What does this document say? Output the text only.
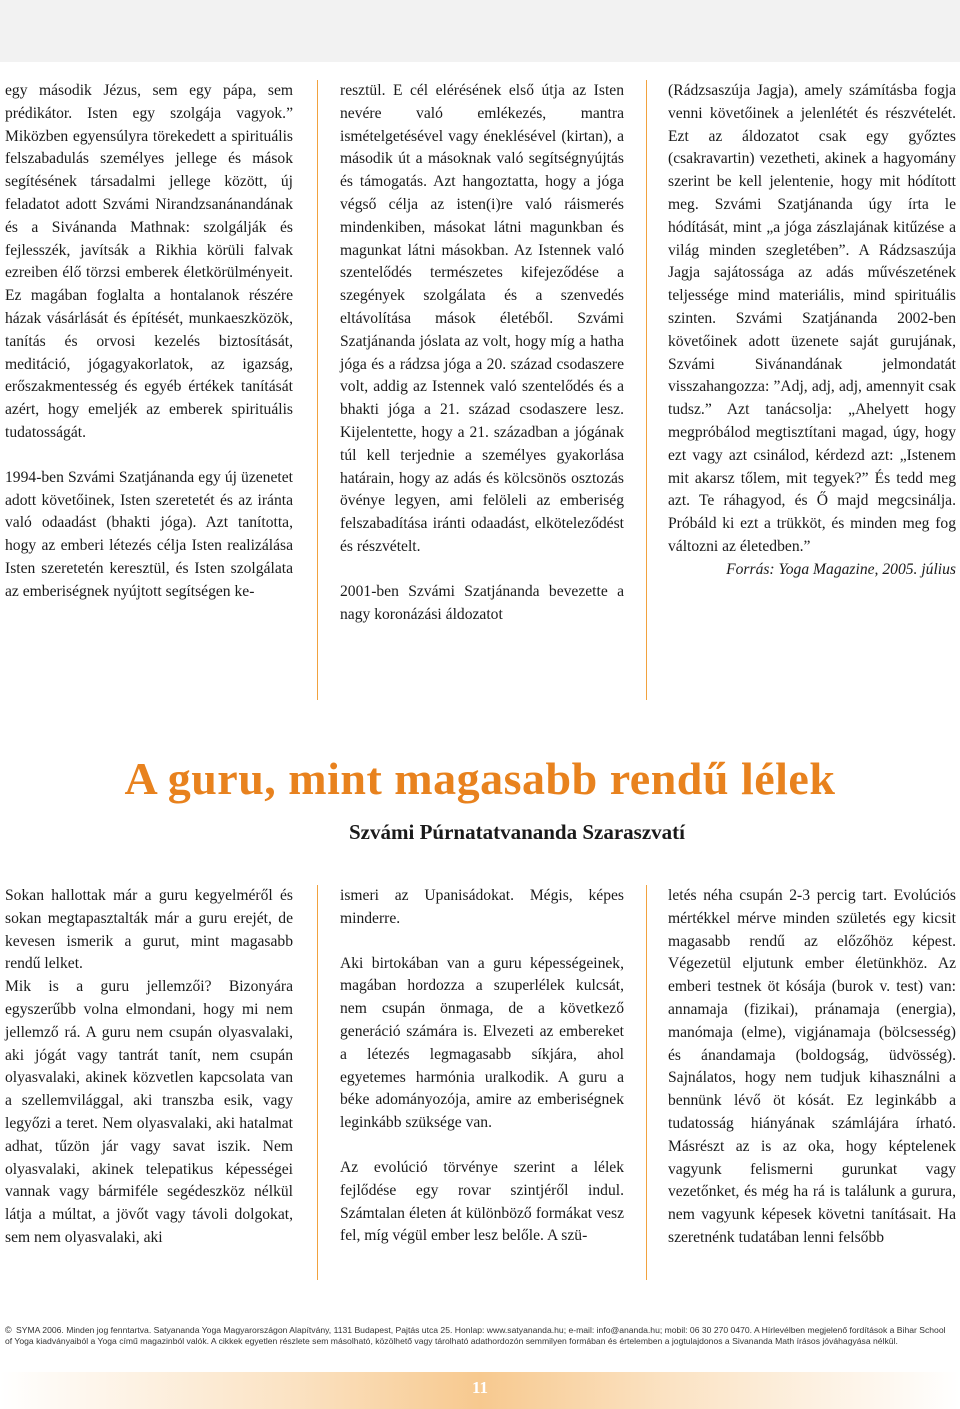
egy második Jézus, sem egy pápa, sem prédikátor. Isten egy szolgája vagyok.” Miközben egyensúlyra törekedett a spirituális felszabadulás személyes jellege és mások segítésének társadalmi jellege között, új feladatot adott Szvámi Nirandzsanánandának és a Sivánanda Mathnak: szolgálják és fejlesszék, javítsák a Rikhia körüli falvak ezreiben élő törzsi emberek életkörülményeit. Ez magában foglalta a hontalanok részére házak vásárlását és építését, munkaeszközök, tanítás és orvosi kezelés biztosítását, meditáció, jógagyakorlatok, az igazság, erőszakmentesség és egyéb értékek tanítását azért, hogy emeljék az emberek spirituális tudatosságát.

1994-ben Szvámi Szatjánanda egy új üzenetet adott követőinek, Isten szeretetét és az iránta való odaadást (bhakti jóga). Azt tanította, hogy az emberi létezés célja Isten realizálása Isten szeretetén keresztül, és Isten szolgálata az emberiségnek nyújtott segítségen ke-

resztül. E cél elérésének első útja az Isten nevére való emlékezés, mantra ismételgetésével vagy éneklésével (kirtan), a második út a másoknak való segítségnyújtás és támogatás. Azt hangoztatta, hogy a jóga végső célja az isten(i)re való ráismerés mindenkiben, másokat látni magunkban és magunkat látni másokban. Az Istennek való szentelődés természetes kifejeződése a szegények szolgálata és a szenvedés eltávolítása mások életéből. Szvámi Szatjánanda jóslata az volt, hogy míg a hatha jóga és a rádzsa jóga a 20. század csodaszere volt, addig az Istennek való szentelődés és a bhakti jóga a 21. század csodaszere lesz. Kijelentette, hogy a 21. században a jógának túl kell terjednie a személyes gyakorlása határain, hogy az adás és kölcsönös osztozás övénye legyen, ami felöleli az emberiség felszabadítása iránti odaadást, elköteleződést és részvételt.

2001-ben Szvámi Szatjánanda bevezette a nagy koronázási áldozatot

(Rádzsaszúja Jagja), amely számításba fogja venni követőinek a jelenlétét és részvételét. Ezt az áldozatot csak egy győztes (csakravartin) vezetheti, akinek a hagyomány szerint be kell jelentenie, hogy mit hódított meg. Szvámi Szatjánanda úgy írta le hódítását, mint „a jóga zászlajának kitűzése a világ minden szegletében”. A Rádzsaszúja Jagja sajátossága az adás művészetének teljessége mind materiális, mind spirituális szinten. Szvámi Szatjánanda 2002-ben követőinek adott üzenete saját gurujának, Szvámi Sivánandának jelmondatát visszahangozza: ”Adj, adj, adj, amennyit csak tudsz.” Azt tanácsolja: „Ahelyett hogy megpróbálod megtisztítani magad, úgy, hogy ezt vagy azt csinálod, kérdezd azt: „Istenem mit akarsz tőlem, mit tegyek?” És tedd meg azt. Te ráhagyod, és Ő majd megcsinálja. Próbáld ki ezt a trükköt, és minden meg fog változni az életedben.”

Forrás: Yoga Magazine, 2005. július

A guru, mint magasabb rendű lélek
Szvámi Púrnatatvananda Szaraszvatí

Sokan hallottak már a guru kegyelméről és sokan megtapasztalták már a guru erejét, de kevesen ismerik a gurut, mint magasabb rendű lelket.

Mik is a guru jellemzői? Bizonyára egyszerűbb volna elmondani, hogy mi nem jellemző rá. A guru nem csupán olyasvalaki, aki jógát vagy tantrát tanít, nem csupán olyasvalaki, akinek közvetlen kapcsolata van a szellemvilággal, aki transzba esik, vagy legyőzi a teret. Nem olyasvalaki, aki hatalmat adhat, tűzön jár vagy savat iszik. Nem olyasvalaki, akinek telepatikus képességei vannak vagy bármiféle segédeszköz nélkül látja a múltat, a jövőt vagy távoli dolgokat, sem nem olyasvalaki, aki

ismeri az Upanisádokat. Mégis, képes minderre.

Aki birtokában van a guru képességeinek, magában hordozza a szuperlélek kulcsát, nem csupán önmaga, de a következő generáció számára is. Elvezeti az embereket a létezés legmagasabb síkjára, ahol egyetemes harmónia uralkodik. A guru a béke adományozója, amire az emberiségnek leginkább szüksége van.

Az evolúció törvénye szerint a lélek fejlődése egy rovar szintjéről indul. Számtalan életen át különböző formákat vesz fel, míg végül ember lesz belőle. A szü-

letés néha csupán 2-3 percig tart. Evolúciós mértékkel mérve minden születés egy kicsit magasabb rendű az előzőhöz képest. Végezetül eljutunk ember életünkhöz. Az emberi testnek öt kósája (burok v. test) van: annamaja (fizikai), pránamaja (energia), manómaja (elme), vigjánamaja (bölcsesség) és ánandamaja (boldogság, üdvösség). Sajnálatos, hogy nem tudjuk kihasználni a bennünk lévő öt kósát. Ez leginkább a tudatosság hiányának számlájára írható. Másrészt az is az oka, hogy képtelenek vagyunk felismerni gurunkat vagy vezetőnket, és még ha rá is találunk a gurura, nem vagyunk képesek követni tanításait. Ha szeretnénk tudatában lenni felsőbb

© SYMA 2006. Minden jog fenntartva. Satyananda Yoga Magyarországon Alapítvány, 1131 Budapest, Pajtás utca 25. Honlap: www.satyananda.hu; e-mail: info@ananda.hu; mobil: 06 30 270 0470. A Hírlevélben megjelenő fordítások a Bihar School of Yoga kiadványaiból a Yoga című magazinból valók. A cikkek egyetlen részlete sem másolható, közölhető vagy tárolható adathordozón semmilyen formában és értelemben a jogtulajdonos a Sivananda Math írásos jóváhagyása nélkül.
11
